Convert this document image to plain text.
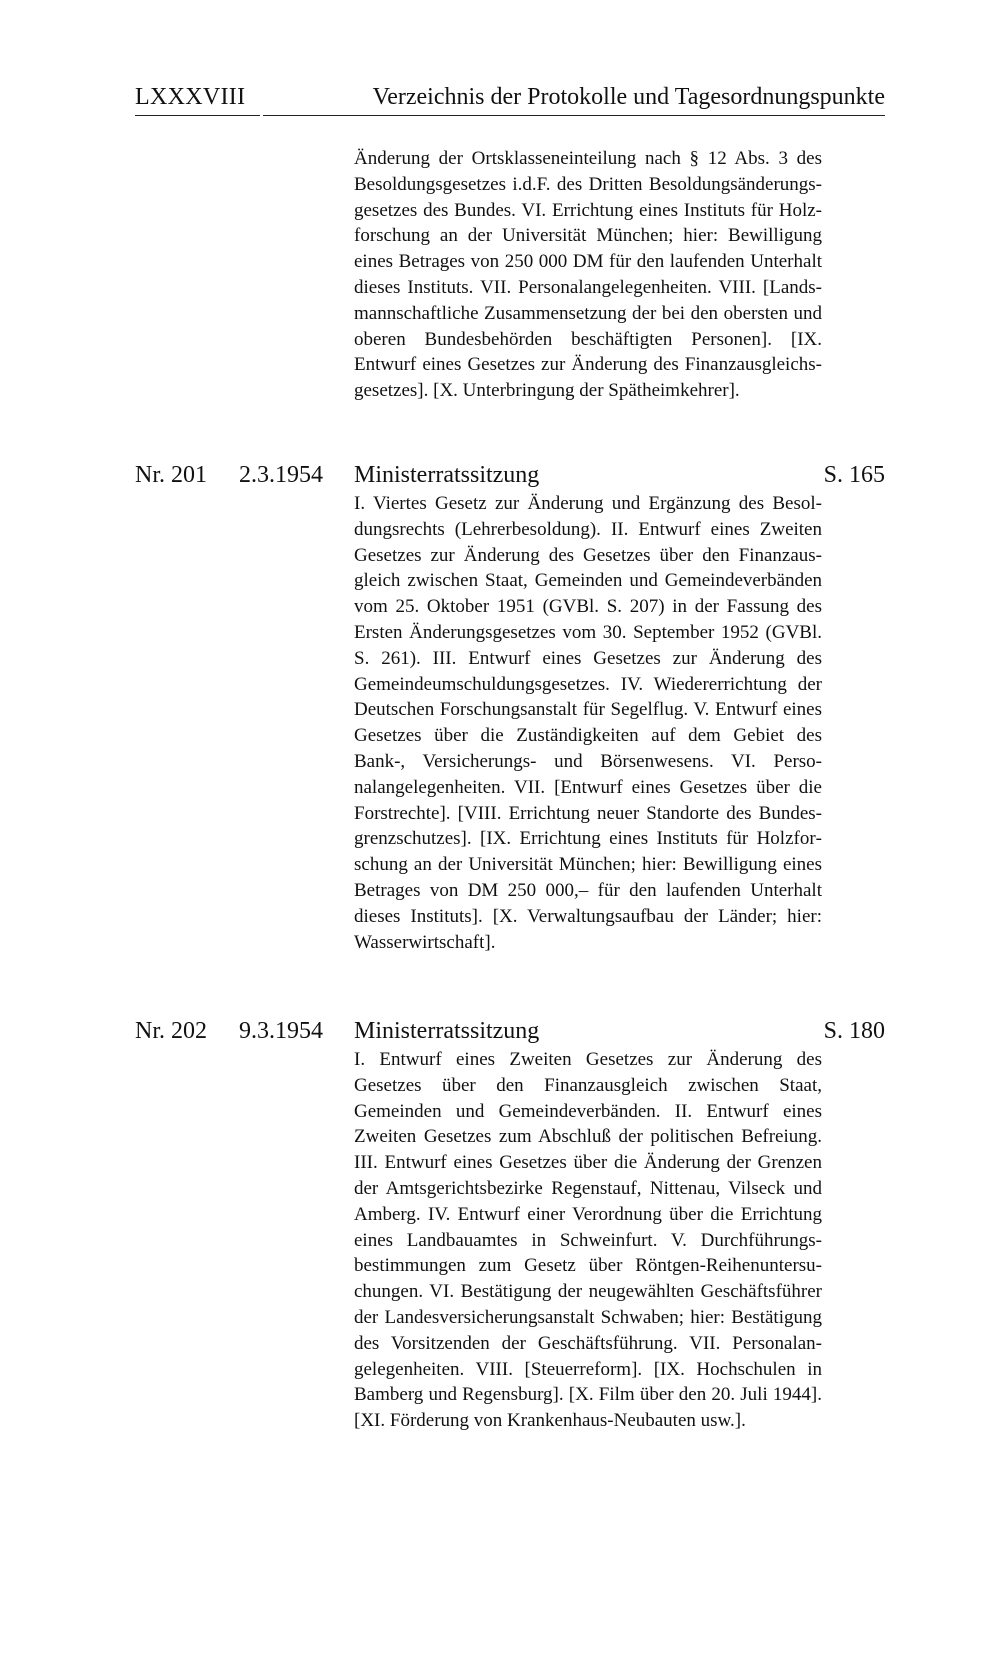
LXXXVIII	Verzeichnis der Protokolle und Tagesordnungspunkte
Änderung der Ortsklasseneinteilung nach § 12 Abs. 3 des Besoldungsgesetzes i.d.F. des Dritten Besoldungsänderungsgesetzes des Bundes. VI. Errichtung eines Instituts für Holzforschung an der Universität München; hier: Bewilligung eines Betrages von 250 000 DM für den laufenden Unterhalt dieses Instituts. VII. Personalangelegenheiten. VIII. [Landsmannschaftliche Zusammensetzung der bei den obersten und oberen Bundesbehörden beschäftigten Personen]. [IX. Entwurf eines Gesetzes zur Änderung des Finanzausgleichsgesetzes]. [X. Unterbringung der Spätheimkehrer].
Nr. 201 2.3.1954 Ministerratssitzung	S. 165
I. Viertes Gesetz zur Änderung und Ergänzung des Besoldungsrechts (Lehrerbesoldung). II. Entwurf eines Zweiten Gesetzes zur Änderung des Gesetzes über den Finanzausgleich zwischen Staat, Gemeinden und Gemeindeverbänden vom 25. Oktober 1951 (GVBl. S. 207) in der Fassung des Ersten Änderungsgesetzes vom 30. September 1952 (GVBl. S. 261). III. Entwurf eines Gesetzes zur Änderung des Gemeindeumschuldungsgesetzes. IV. Wiedererrichtung der Deutschen Forschungsanstalt für Segelflug. V. Entwurf eines Gesetzes über die Zuständigkeiten auf dem Gebiet des Bank-, Versicherungs- und Börsenwesens. VI. Personalangelegenheiten. VII. [Entwurf eines Gesetzes über die Forstrechte]. [VIII. Errichtung neuer Standorte des Bundesgrenzschutzes]. [IX. Errichtung eines Instituts für Holzforschung an der Universität München; hier: Bewilligung eines Betrages von DM 250 000,– für den laufenden Unterhalt dieses Instituts]. [X. Verwaltungsaufbau der Länder; hier: Wasserwirtschaft].
Nr. 202 9.3.1954 Ministerratssitzung	S. 180
I. Entwurf eines Zweiten Gesetzes zur Änderung des Gesetzes über den Finanzausgleich zwischen Staat, Gemeinden und Gemeindeverbänden. II. Entwurf eines Zweiten Gesetzes zum Abschluß der politischen Befreiung. III. Entwurf eines Gesetzes über die Änderung der Grenzen der Amtsgerichtsbezirke Regenstauf, Nittenau, Vilseck und Amberg. IV. Entwurf einer Verordnung über die Errichtung eines Landbauamtes in Schweinfurt. V. Durchführungsbestimmungen zum Gesetz über Röntgen-Reihenuntersuchungen. VI. Bestätigung der neugewählten Geschäftsführer der Landesversicherungsanstalt Schwaben; hier: Bestätigung des Vorsitzenden der Geschäftsführung. VII. Personalangelegenheiten. VIII. [Steuerreform]. [IX. Hochschulen in Bamberg und Regensburg]. [X. Film über den 20. Juli 1944]. [XI. Förderung von Krankenhaus-Neubauten usw.].
